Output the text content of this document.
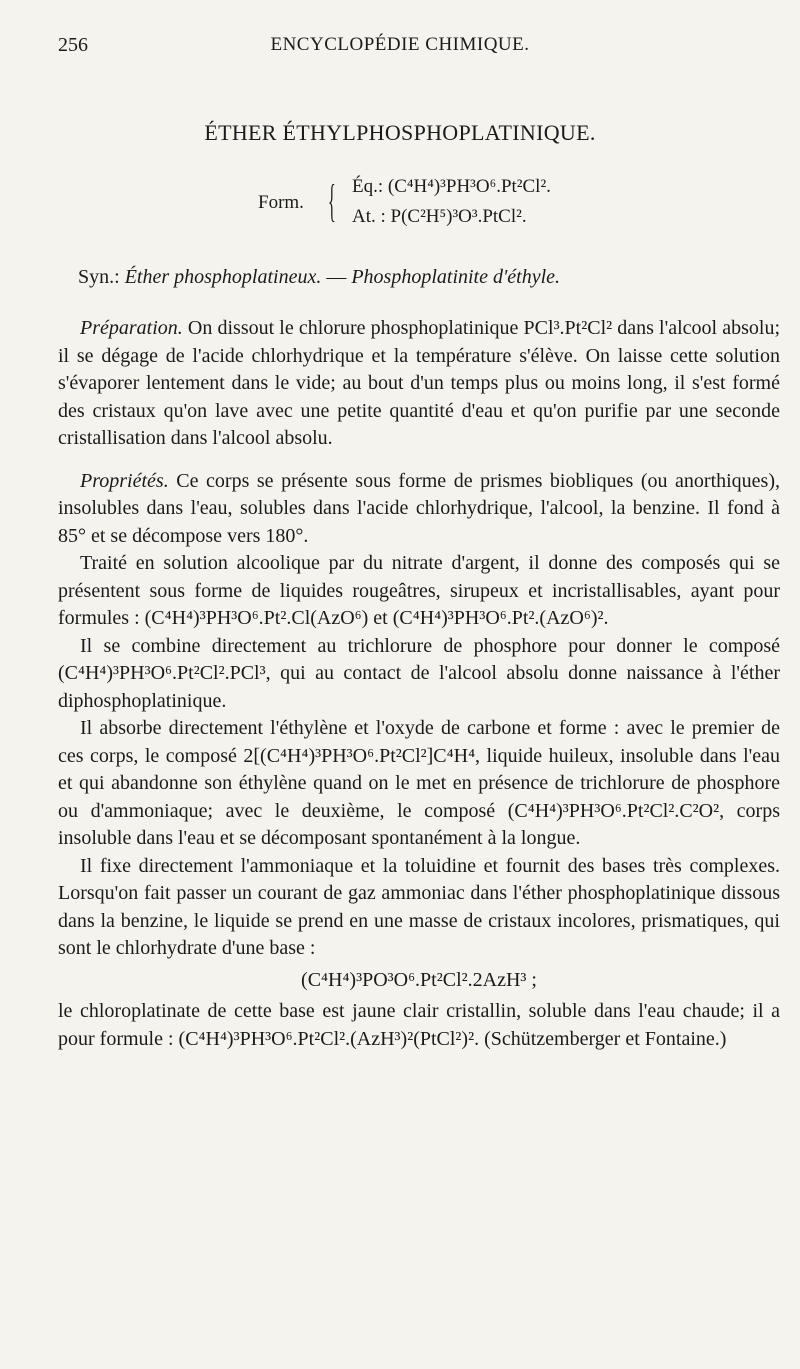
256	ENCYCLOPÉDIE CHIMIQUE.
ÉTHER ÉTHYLPHOSPHOPLATINIQUE.
Form. { Éq.: (C⁴H⁴)³PH³O⁶.Pt²Cl².
At. : P(C²H⁵)³O³.PtCl².
Syn.: Éther phosphoplatineux. — Phosphoplatinite d'éthyle.

Préparation. On dissout le chlorure phosphoplatinique PCl³.Pt²Cl² dans l'alcool absolu; il se dégage de l'acide chlorhydrique et la température s'élève. On laisse cette solution s'évaporer lentement dans le vide; au bout d'un temps plus ou moins long, il s'est formé des cristaux qu'on lave avec une petite quantité d'eau et qu'on purifie par une seconde cristallisation dans l'alcool absolu.

Propriétés. Ce corps se présente sous forme de prismes biobliques (ou anorthiques), insolubles dans l'eau, solubles dans l'acide chlorhydrique, l'alcool, la benzine. Il fond à 85° et se décompose vers 180°.

Traité en solution alcoolique par du nitrate d'argent, il donne des composés qui se présentent sous forme de liquides rougeâtres, sirupeux et incristallisables, ayant pour formules : (C⁴H⁴)³PH³O⁶.Pt².Cl(AzO⁶) et (C⁴H⁴)³PH³O⁶.Pt².(AzO⁶)².

Il se combine directement au trichlorure de phosphore pour donner le composé (C⁴H⁴)³PH³O⁶.Pt²Cl².PCl³, qui au contact de l'alcool absolu donne naissance à l'éther diphosphoplatinique.

Il absorbe directement l'éthylène et l'oxyde de carbone et forme : avec le premier de ces corps, le composé 2[(C⁴H⁴)³PH³O⁶.Pt²Cl²]C⁴H⁴, liquide huileux, insoluble dans l'eau et qui abandonne son éthylène quand on le met en présence de trichlorure de phosphore ou d'ammoniaque; avec le deuxième, le composé (C⁴H⁴)³PH³O⁶.Pt²Cl².C²O², corps insoluble dans l'eau et se décomposant spontanément à la longue.

Il fixe directement l'ammoniaque et la toluidine et fournit des bases très complexes. Lorsqu'on fait passer un courant de gaz ammoniac dans l'éther phosphoplatinique dissous dans la benzine, le liquide se prend en une masse de cristaux incolores, prismatiques, qui sont le chlorhydrate d'une base :

(C⁴H⁴)³PO³O⁶.Pt²Cl².2AzH³ ;

le chloroplatinate de cette base est jaune clair cristallin, soluble dans l'eau chaude; il a pour formule : (C⁴H⁴)³PH³O⁶.Pt²Cl².(AzH³)²(PtCl²)². (Schützemberger et Fontaine.)
